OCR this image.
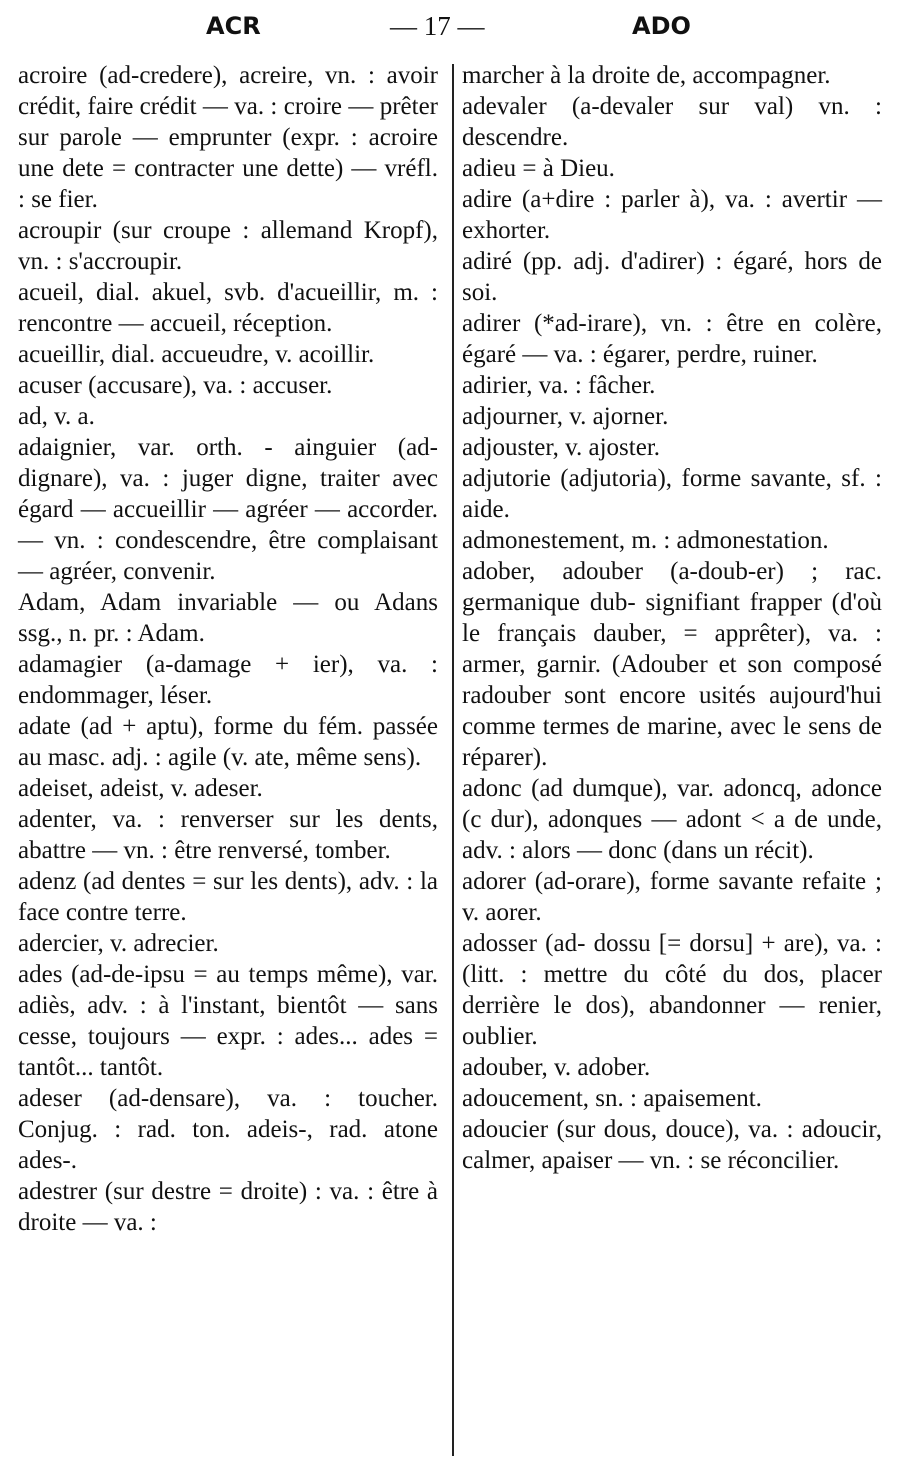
ACR	— 17 —	ADO

acroire (ad-credere), acreire, vn. : avoir crédit, faire crédit — va. : croire — prêter sur parole — emprunter (expr. : acroire une dete = contracter une dette) — vréfl. : se fier.

acroupir (sur croupe : allemand Kropf), vn. : s'accroupir.

acueil, dial. akuel, svb. d'acueillir, m. : rencontre — accueil, réception.

acueillir, dial. accueudre, v. acoillir.

acuser (accusare), va. : accuser.

ad, v. a.

adaignier, var. orth. - ainguier (ad-dignare), va. : juger digne, traiter avec égard — accueillir — agréer — accorder. — vn. : condescendre, être complaisant — agréer, convenir.

Adam, Adam invariable — ou Adans ssg., n. pr. : Adam.

adamagier (a-damage + ier), va. : endommager, léser.

adate (ad + aptu), forme du fém. passée au masc. adj. : agile (v. ate, même sens).

adeiset, adeist, v. adeser.

adenter, va. : renverser sur les dents, abattre — vn. : être renversé, tomber.

adenz (ad dentes = sur les dents), adv. : la face contre terre.

adercier, v. adrecier.

ades (ad-de-ipsu = au temps même), var. adiès, adv. : à l'instant, bientôt — sans cesse, toujours — expr. : ades... ades = tantôt... tantôt.

adeser (ad-densare), va. : toucher. Conjug. : rad. ton. adeis-, rad. atone ades-.

adestrer (sur destre = droite) : va. : être à droite — va. :

marcher à la droite de, accompagner.

adevaler (a-devaler sur val) vn. : descendre.

adieu = à Dieu.

adire (a+dire : parler à), va. : avertir — exhorter.

adiré (pp. adj. d'adirer) : égaré, hors de soi.

adirer (*ad-irare), vn. : être en colère, égaré — va. : égarer, perdre, ruiner.

adirier, va. : fâcher.

adjourner, v. ajorner.

adjouster, v. ajoster.

adjutorie (adjutoria), forme savante, sf. : aide.

admonestement, m. : admonestation.

adober, adouber (a-doub-er) ; rac. germanique dub- signifiant frapper (d'où le français dauber, = apprêter), va. : armer, garnir. (Adouber et son composé radouber sont encore usités aujourd'hui comme termes de marine, avec le sens de réparer).

adonc (ad dumque), var. adoncq, adonce (c dur), adonques — adont < a de unde, adv. : alors — donc (dans un récit).

adorer (ad-orare), forme savante refaite ; v. aorer.

adosser (ad- dossu [= dorsu] + are), va. : (litt. : mettre du côté du dos, placer derrière le dos), abandonner — renier, oublier.

adouber, v. adober.

adoucement, sn. : apaisement.

adoucier (sur dous, douce), va. : adoucir, calmer, apaiser — vn. : se réconcilier.
